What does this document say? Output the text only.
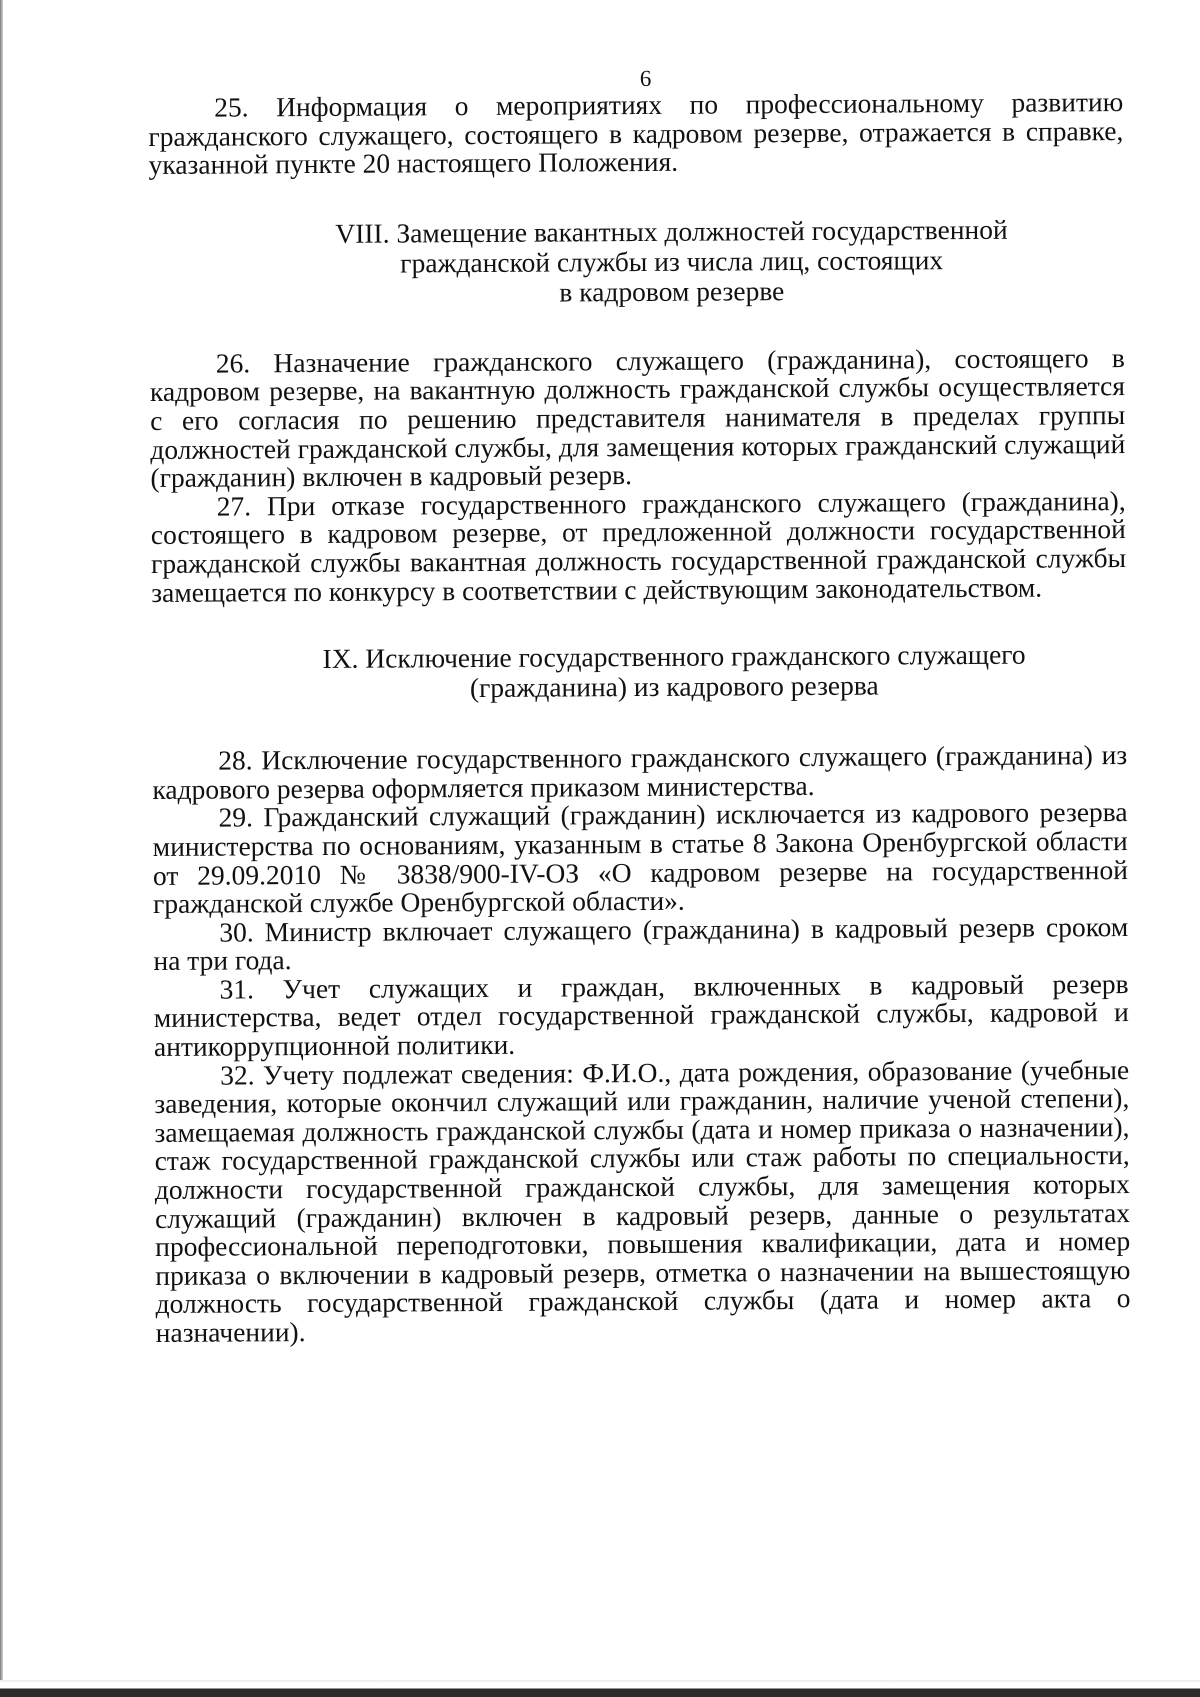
6

25. Информация о мероприятиях по профессиональному развитию гражданского служащего, состоящего в кадровом резерве, отражается в справке, указанной пункте 20 настоящего Положения.

VIII. Замещение вакантных должностей государственной
гражданской службы из числа лиц, состоящих
в кадровом резерве

26. Назначение гражданского служащего (гражданина), состоящего в кадровом резерве, на вакантную должность гражданской службы осуществляется с его согласия по решению представителя нанимателя в пределах группы должностей гражданской службы, для замещения которых гражданский служащий (гражданин) включен в кадровый резерв.

27. При отказе государственного гражданского служащего (гражданина), состоящего в кадровом резерве, от предложенной должности государственной гражданской службы вакантная должность государственной гражданской службы замещается по конкурсу в соответствии с действующим законодательством.

IX. Исключение государственного гражданского служащего
(гражданина) из кадрового резерва

28. Исключение государственного гражданского служащего (гражданина) из кадрового резерва оформляется приказом министерства.

29. Гражданский служащий (гражданин) исключается из кадрового резерва министерства по основаниям, указанным в статье 8 Закона Оренбургской области от 29.09.2010 № 3838/900-IV-ОЗ «О кадровом резерве на государственной гражданской службе Оренбургской области».

30. Министр включает служащего (гражданина) в кадровый резерв сроком на три года.

31. Учет служащих и граждан, включенных в кадровый резерв министерства, ведет отдел государственной гражданской службы, кадровой и антикоррупционной политики.

32. Учету подлежат сведения: Ф.И.О., дата рождения, образование (учебные заведения, которые окончил служащий или гражданин, наличие ученой степени), замещаемая должность гражданской службы (дата и номер приказа о назначении), стаж государственной гражданской службы или стаж работы по специальности, должности государственной гражданской службы, для замещения которых служащий (гражданин) включен в кадровый резерв, данные о результатах профессиональной переподготовки, повышения квалификации, дата и номер приказа о включении в кадровый резерв, отметка о назначении на вышестоящую должность государственной гражданской службы (дата и номер акта о назначении).
